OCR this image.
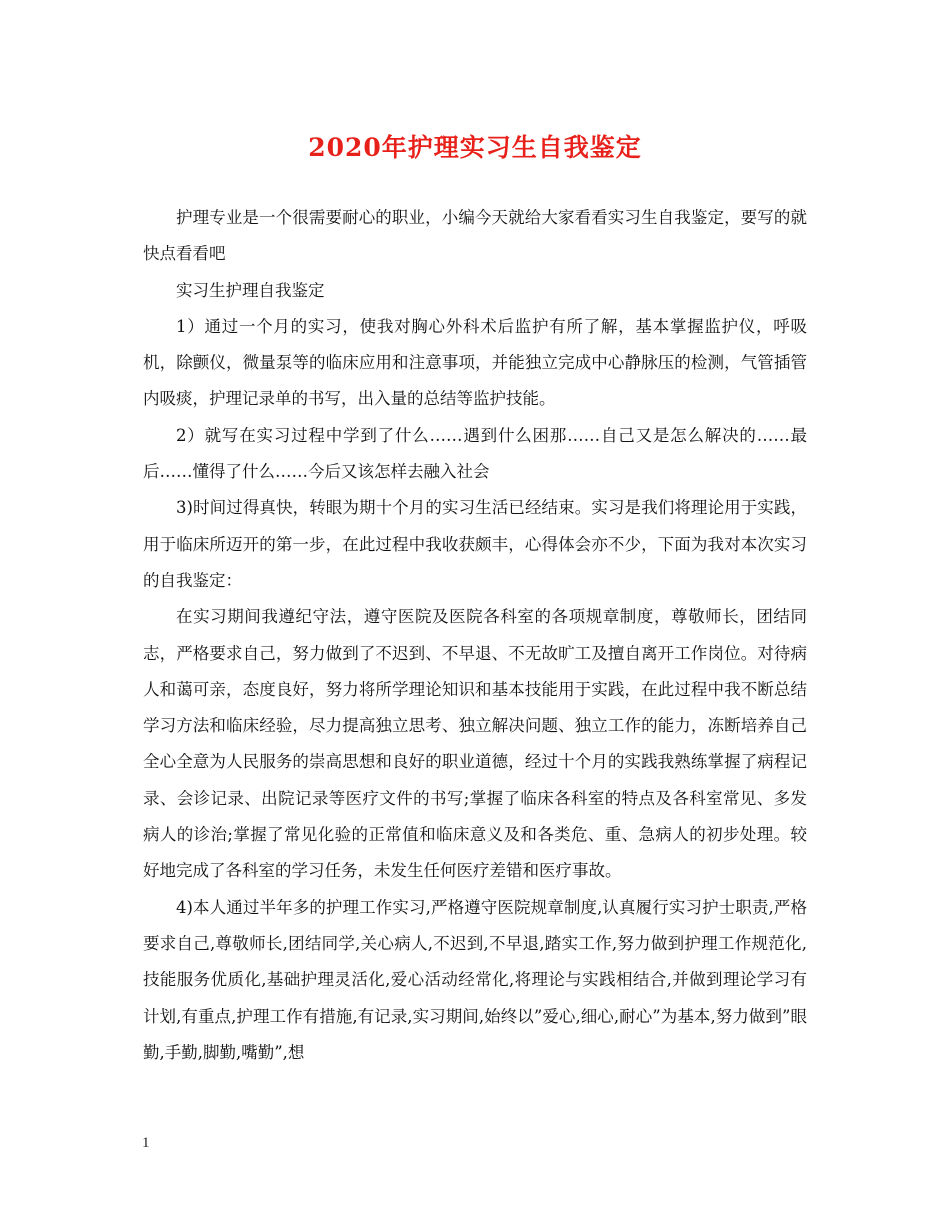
2020年护理实习生自我鉴定

护理专业是一个很需要耐心的职业，小编今天就给大家看看实习生自我鉴定，要写的就快点看看吧

实习生护理自我鉴定

1）通过一个月的实习，使我对胸心外科术后监护有所了解，基本掌握监护仪，呼吸机，除颤仪，微量泵等的临床应用和注意事项，并能独立完成中心静脉压的检测，气管插管内吸痰，护理记录单的书写，出入量的总结等监护技能。

2）就写在实习过程中学到了什么……遇到什么困那……自己又是怎么解决的……最后……懂得了什么……今后又该怎样去融入社会

3)时间过得真快，转眼为期十个月的实习生活已经结束。实习是我们将理论用于实践，用于临床所迈开的第一步，在此过程中我收获颇丰，心得体会亦不少，下面为我对本次实习的自我鉴定：

在实习期间我遵纪守法，遵守医院及医院各科室的各项规章制度，尊敬师长，团结同志，严格要求自己，努力做到了不迟到、不早退、不无故旷工及擅自离开工作岗位。对待病人和蔼可亲，态度良好，努力将所学理论知识和基本技能用于实践，在此过程中我不断总结学习方法和临床经验，尽力提高独立思考、独立解决问题、独立工作的能力，冻断培养自己全心全意为人民服务的崇高思想和良好的职业道德，经过十个月的实践我熟练掌握了病程记录、会诊记录、出院记录等医疗文件的书写;掌握了临床各科室的特点及各科室常见、多发病人的诊治;掌握了常见化验的正常值和临床意义及和各类危、重、急病人的初步处理。较好地完成了各科室的学习任务，未发生任何医疗差错和医疗事故。

4)本人通过半年多的护理工作实习,严格遵守医院规章制度,认真履行实习护士职责,严格要求自己,尊敬师长,团结同学,关心病人,不迟到,不早退,踏实工作,努力做到护理工作规范化,技能服务优质化,基础护理灵活化,爱心活动经常化,将理论与实践相结合,并做到理论学习有计划,有重点,护理工作有措施,有记录,实习期间,始终以”爱心,细心,耐心”为基本,努力做到”眼勤,手勤,脚勤,嘴勤”,想

1
